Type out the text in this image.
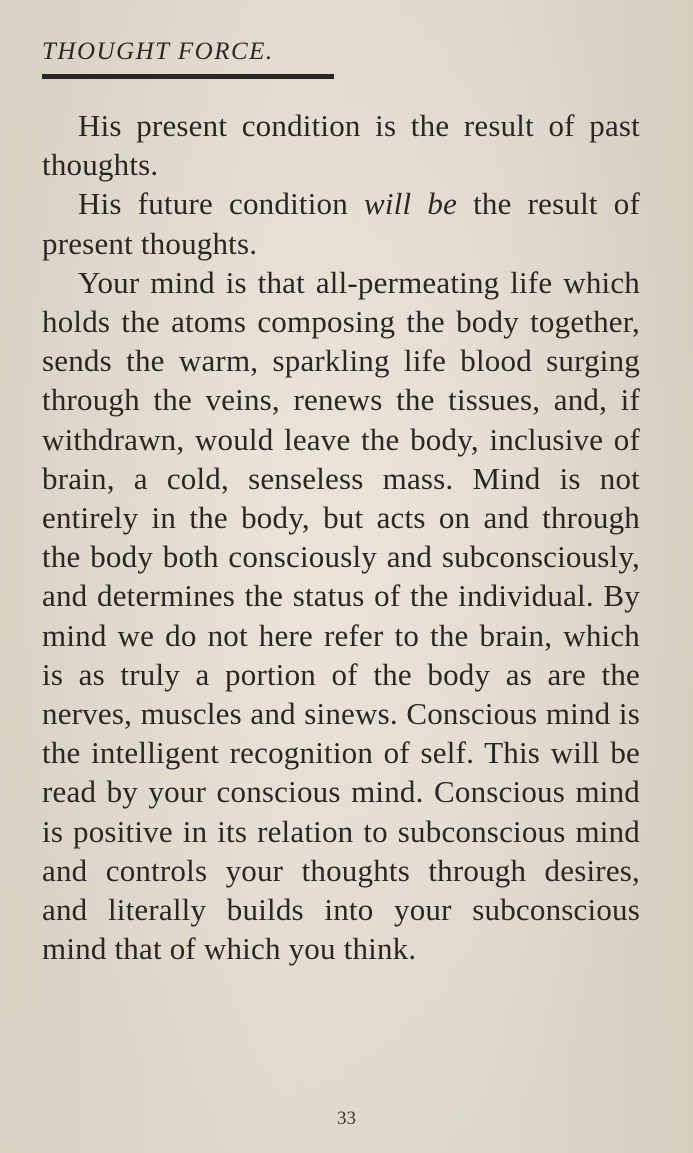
THOUGHT FORCE.

His present condition is the result of past thoughts.

His future condition will be the result of present thoughts.

Your mind is that all-permeating life which holds the atoms composing the body together, sends the warm, sparkling life blood surging through the veins, renews the tissues, and, if withdrawn, would leave the body, inclusive of brain, a cold, senseless mass. Mind is not entirely in the body, but acts on and through the body both consciously and subconsciously, and determines the status of the individual. By mind we do not here refer to the brain, which is as truly a portion of the body as are the nerves, muscles and sinews. Conscious mind is the intelligent recognition of self. This will be read by your conscious mind. Conscious mind is positive in its relation to subconscious mind and controls your thoughts through desires, and literally builds into your subconscious mind that of which you think.

33
